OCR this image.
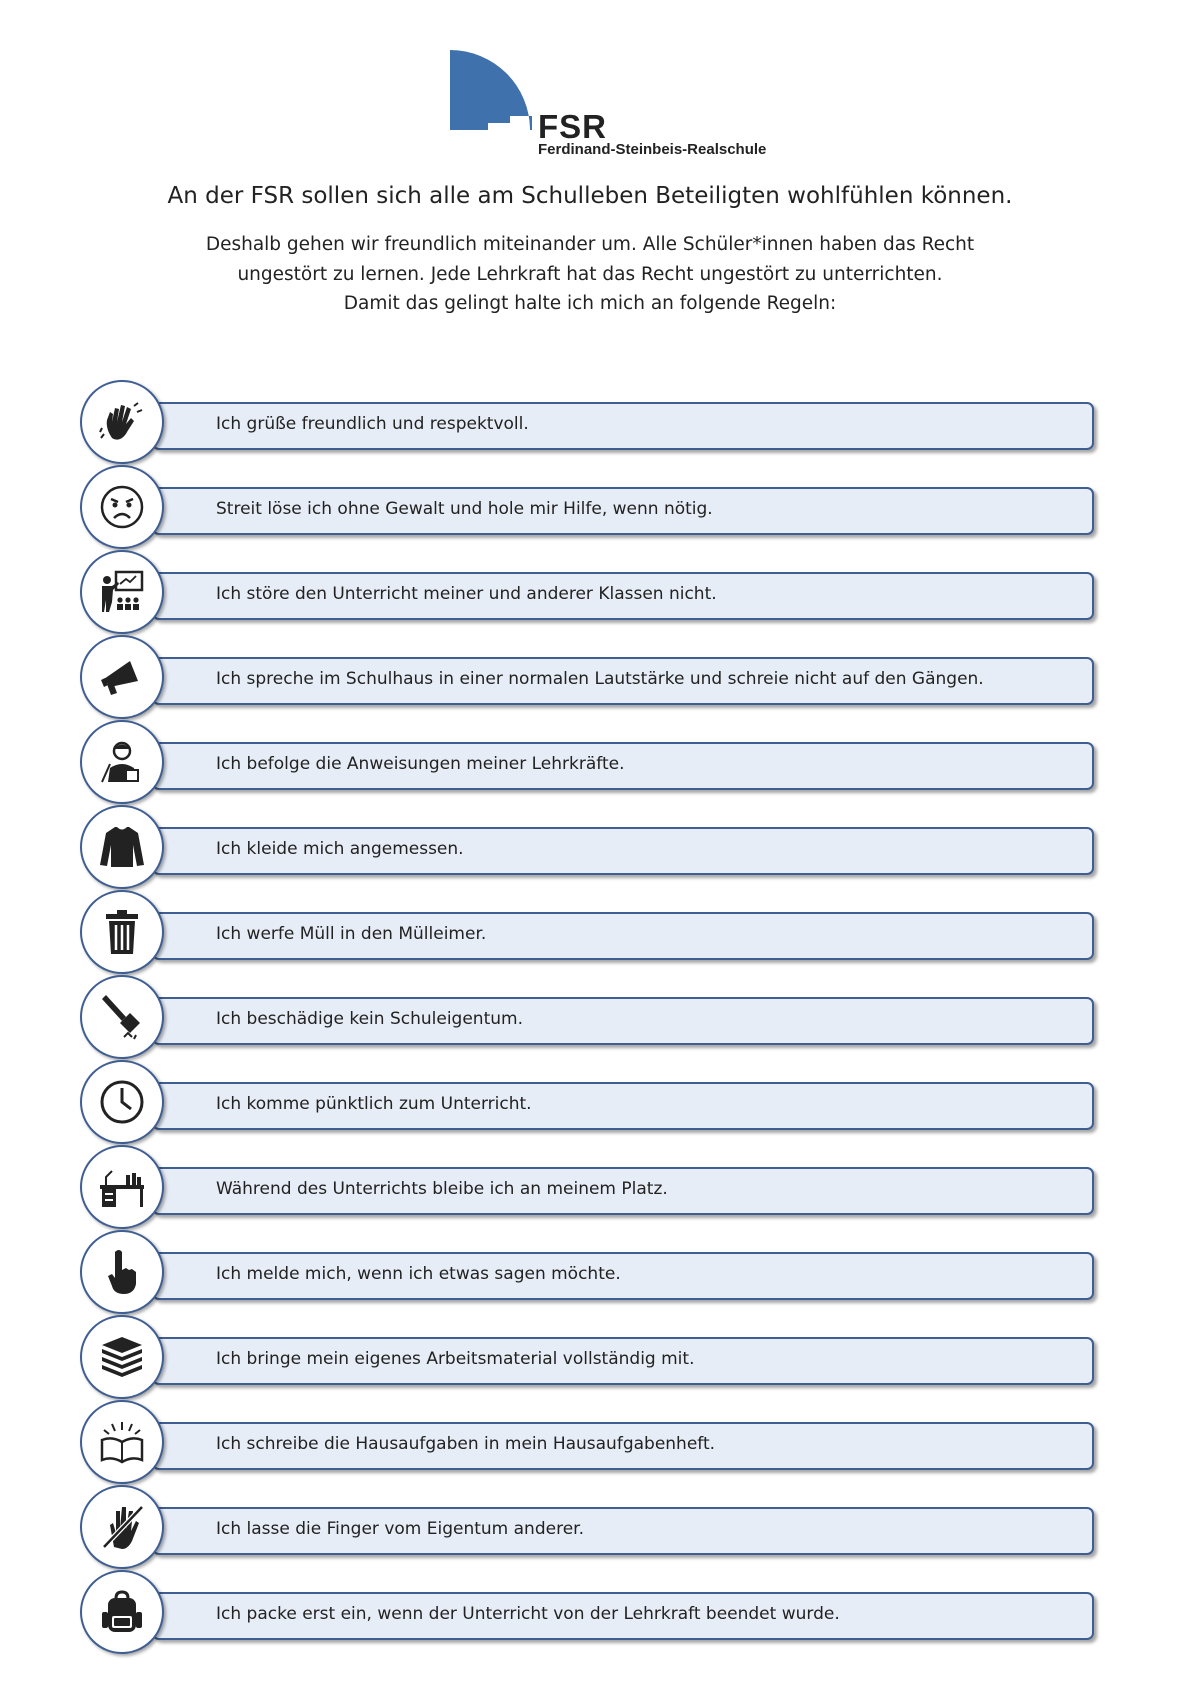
FSR
Ferdinand-Steinbeis-Realschule
An der FSR sollen sich alle am Schulleben Beteiligten wohlfühlen können.
Deshalb gehen wir freundlich miteinander um. Alle Schüler*innen haben das Recht
ungestört zu lernen. Jede Lehrkraft hat das Recht ungestört zu unterrichten.
Damit das gelingt halte ich mich an folgende Regeln:
Ich grüße freundlich und respektvoll.
Streit löse ich ohne Gewalt und hole mir Hilfe, wenn nötig.
Ich störe den Unterricht meiner und anderer Klassen nicht.
Ich spreche im Schulhaus in einer normalen Lautstärke und schreie nicht auf den Gängen.
Ich befolge die Anweisungen meiner Lehrkräfte.
Ich kleide mich angemessen.
Ich werfe Müll in den Mülleimer.
Ich beschädige kein Schuleigentum.
Ich komme pünktlich zum Unterricht.
Während des Unterrichts bleibe ich an meinem Platz.
Ich melde mich, wenn ich etwas sagen möchte.
Ich bringe mein eigenes Arbeitsmaterial vollständig mit.
Ich schreibe die Hausaufgaben in mein Hausaufgabenheft.
Ich lasse die Finger vom Eigentum anderer.
Ich packe erst ein, wenn der Unterricht von der Lehrkraft beendet wurde.
